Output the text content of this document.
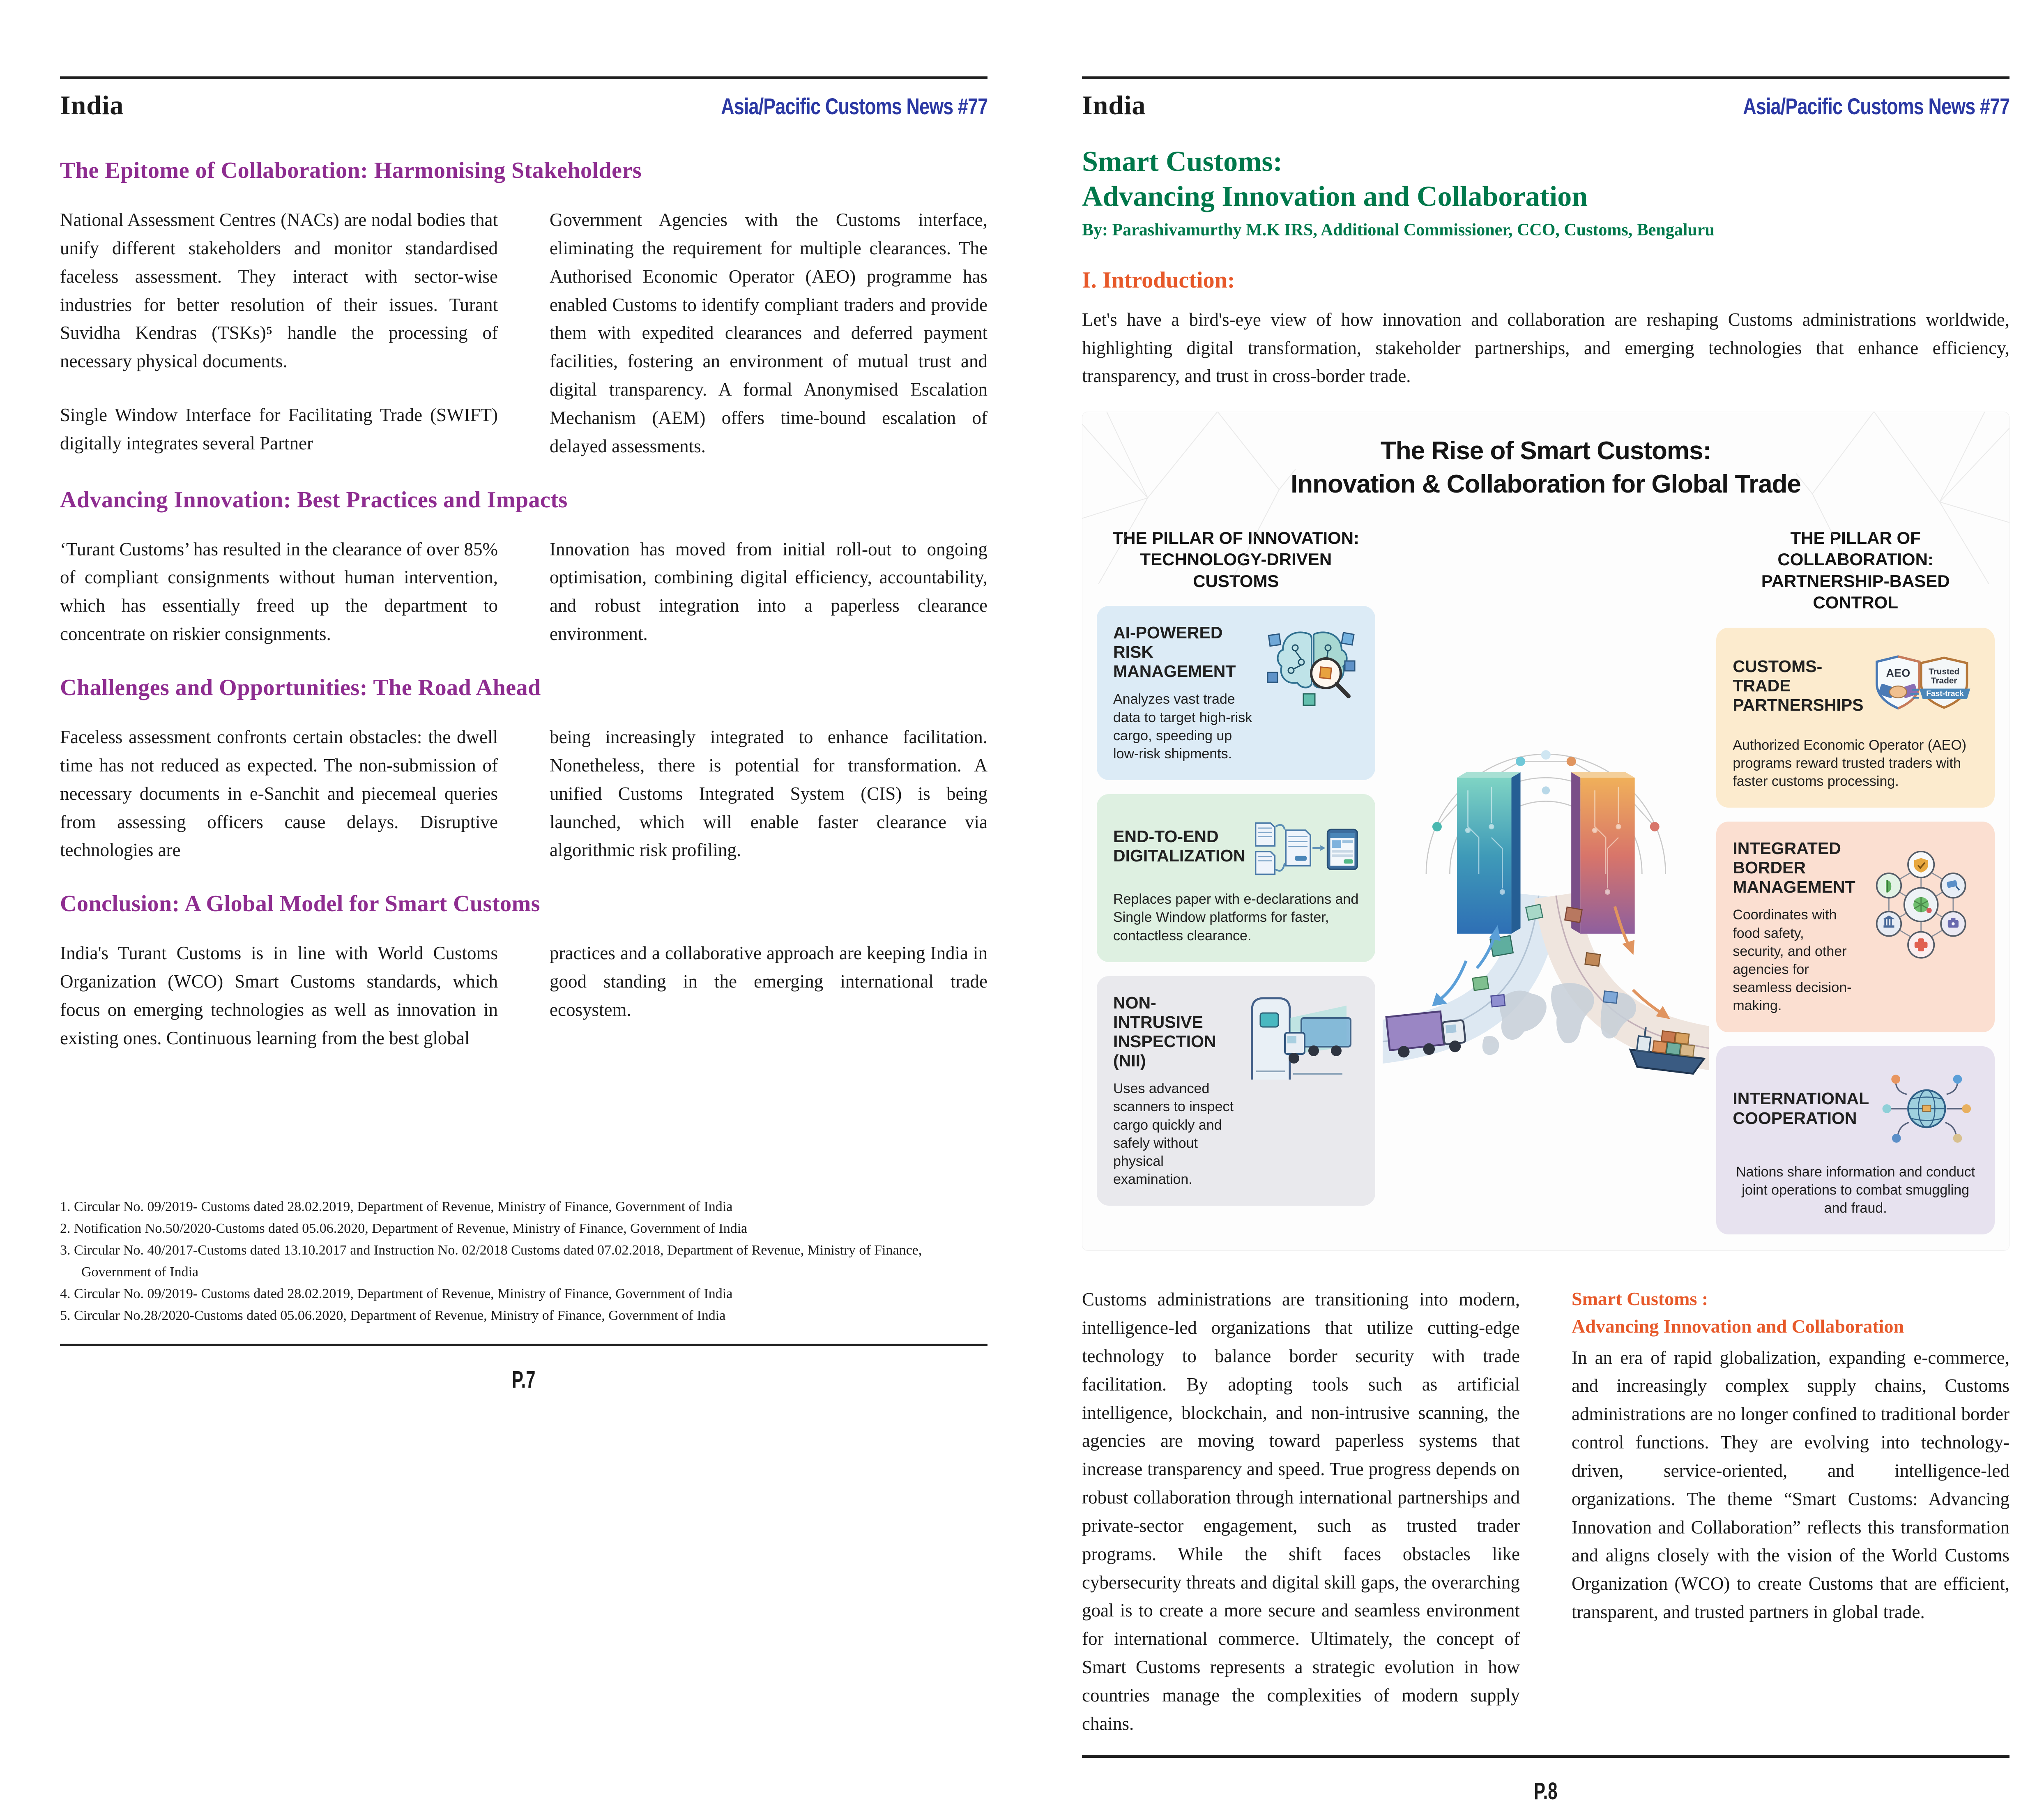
India	Asia/Pacific Customs News #77
The Epitome of Collaboration: Harmonising Stakeholders

National Assessment Centres (NACs) are nodal bodies that unify different stakeholders and monitor standardised faceless assessment. They interact with sector-wise industries for better resolution of their issues. Turant Suvidha Kendras (TSKs)⁵ handle the processing of necessary physical documents.

Single Window Interface for Facilitating Trade (SWIFT) digitally integrates several Partner

Government Agencies with the Customs interface, eliminating the requirement for multiple clearances. The Authorised Economic Operator (AEO) programme has enabled Customs to identify compliant traders and provide them with expedited clearances and deferred payment facilities, fostering an environment of mutual trust and digital transparency. A formal Anonymised Escalation Mechanism (AEM) offers time-bound escalation of delayed assessments.

Advancing Innovation: Best Practices and Impacts

‘Turant Customs’ has resulted in the clearance of over 85% of compliant consignments without human intervention, which has essentially freed up the department to concentrate on riskier consignments.

Innovation has moved from initial roll-out to ongoing optimisation, combining digital efficiency, accountability, and robust integration into a paperless clearance environment.

Challenges and Opportunities: The Road Ahead

Faceless assessment confronts certain obstacles: the dwell time has not reduced as expected. The non-submission of necessary documents in e-Sanchit and piecemeal queries from assessing officers cause delays. Disruptive technologies are

being increasingly integrated to enhance facilitation. Nonetheless, there is potential for transformation. A unified Customs Integrated System (CIS) is being launched, which will enable faster clearance via algorithmic risk profiling.

Conclusion: A Global Model for Smart Customs

India's Turant Customs is in line with World Customs Organization (WCO) Smart Customs standards, which focus on emerging technologies as well as innovation in existing ones. Continuous learning from the best global

practices and a collaborative approach are keeping India in good standing in the emerging international trade ecosystem.

1. Circular No. 09/2019- Customs dated 28.02.2019, Department of Revenue, Ministry of Finance, Government of India
2. Notification No.50/2020-Customs dated 05.06.2020, Department of Revenue, Ministry of Finance, Government of India
3. Circular No. 40/2017-Customs dated 13.10.2017 and Instruction No. 02/2018 Customs dated 07.02.2018, Department of Revenue, Ministry of Finance, Government of India
4. Circular No. 09/2019- Customs dated 28.02.2019, Department of Revenue, Ministry of Finance, Government of India
5. Circular No.28/2020-Customs dated 05.06.2020, Department of Revenue, Ministry of Finance, Government of India
P.7
India	Asia/Pacific Customs News #77
Smart Customs:
Advancing Innovation and Collaboration
By: Parashivamurthy M.K IRS, Additional Commissioner, CCO, Customs, Bengaluru
I. Introduction:
Let's have a bird's-eye view of how innovation and collaboration are reshaping Customs administrations worldwide, highlighting digital transformation, stakeholder partnerships, and emerging technologies that enhance efficiency, transparency, and trust in cross-border trade.
The Rise of Smart Customs:
Innovation & Collaboration for Global Trade
THE PILLAR OF INNOVATION:
TECHNOLOGY-DRIVEN CUSTOMS
AI-POWERED RISK MANAGEMENT
Analyzes vast trade data to target high-risk cargo, speeding up low-risk shipments.
END-TO-END DIGITALIZATION
Replaces paper with e-declarations and Single Window platforms for faster, contactless clearance.
NON-INTRUSIVE INSPECTION (NII)
Uses advanced scanners to inspect cargo quickly and safely without physical examination.
THE PILLAR OF COLLABORATION:
PARTNERSHIP-BASED CONTROL
CUSTOMS-TRADE PARTNERSHIPS
AEO Trusted
Trader
Fast-track
Authorized Economic Operator (AEO) programs reward trusted traders with faster customs processing.
INTEGRATED BORDER MANAGEMENT
Coordinates with food safety, security, and other agencies for seamless decision-making.
INTERNATIONAL COOPERATION
Nations share information and conduct joint operations to combat smuggling and fraud.

Customs administrations are transitioning into modern, intelligence-led organizations that utilize cutting-edge technology to balance border security with trade facilitation. By adopting tools such as artificial intelligence, blockchain, and non-intrusive scanning, the agencies are moving toward paperless systems that increase transparency and speed. True progress depends on robust collaboration through international partnerships and private-sector engagement, such as trusted trader programs. While the shift faces obstacles like cybersecurity threats and digital skill gaps, the overarching goal is to create a more secure and seamless environment for international commerce. Ultimately, the concept of Smart Customs represents a strategic evolution in how countries manage the complexities of modern supply chains.

Smart Customs :
Advancing Innovation and Collaboration

In an era of rapid globalization, expanding e-commerce, and increasingly complex supply chains, Customs administrations are no longer confined to traditional border control functions. They are evolving into technology-driven, service-oriented, and intelligence-led organizations. The theme “Smart Customs: Advancing Innovation and Collaboration” reflects this transformation and aligns closely with the vision of the World Customs Organization (WCO) to create Customs that are efficient, transparent, and trusted partners in global trade.

P.8
